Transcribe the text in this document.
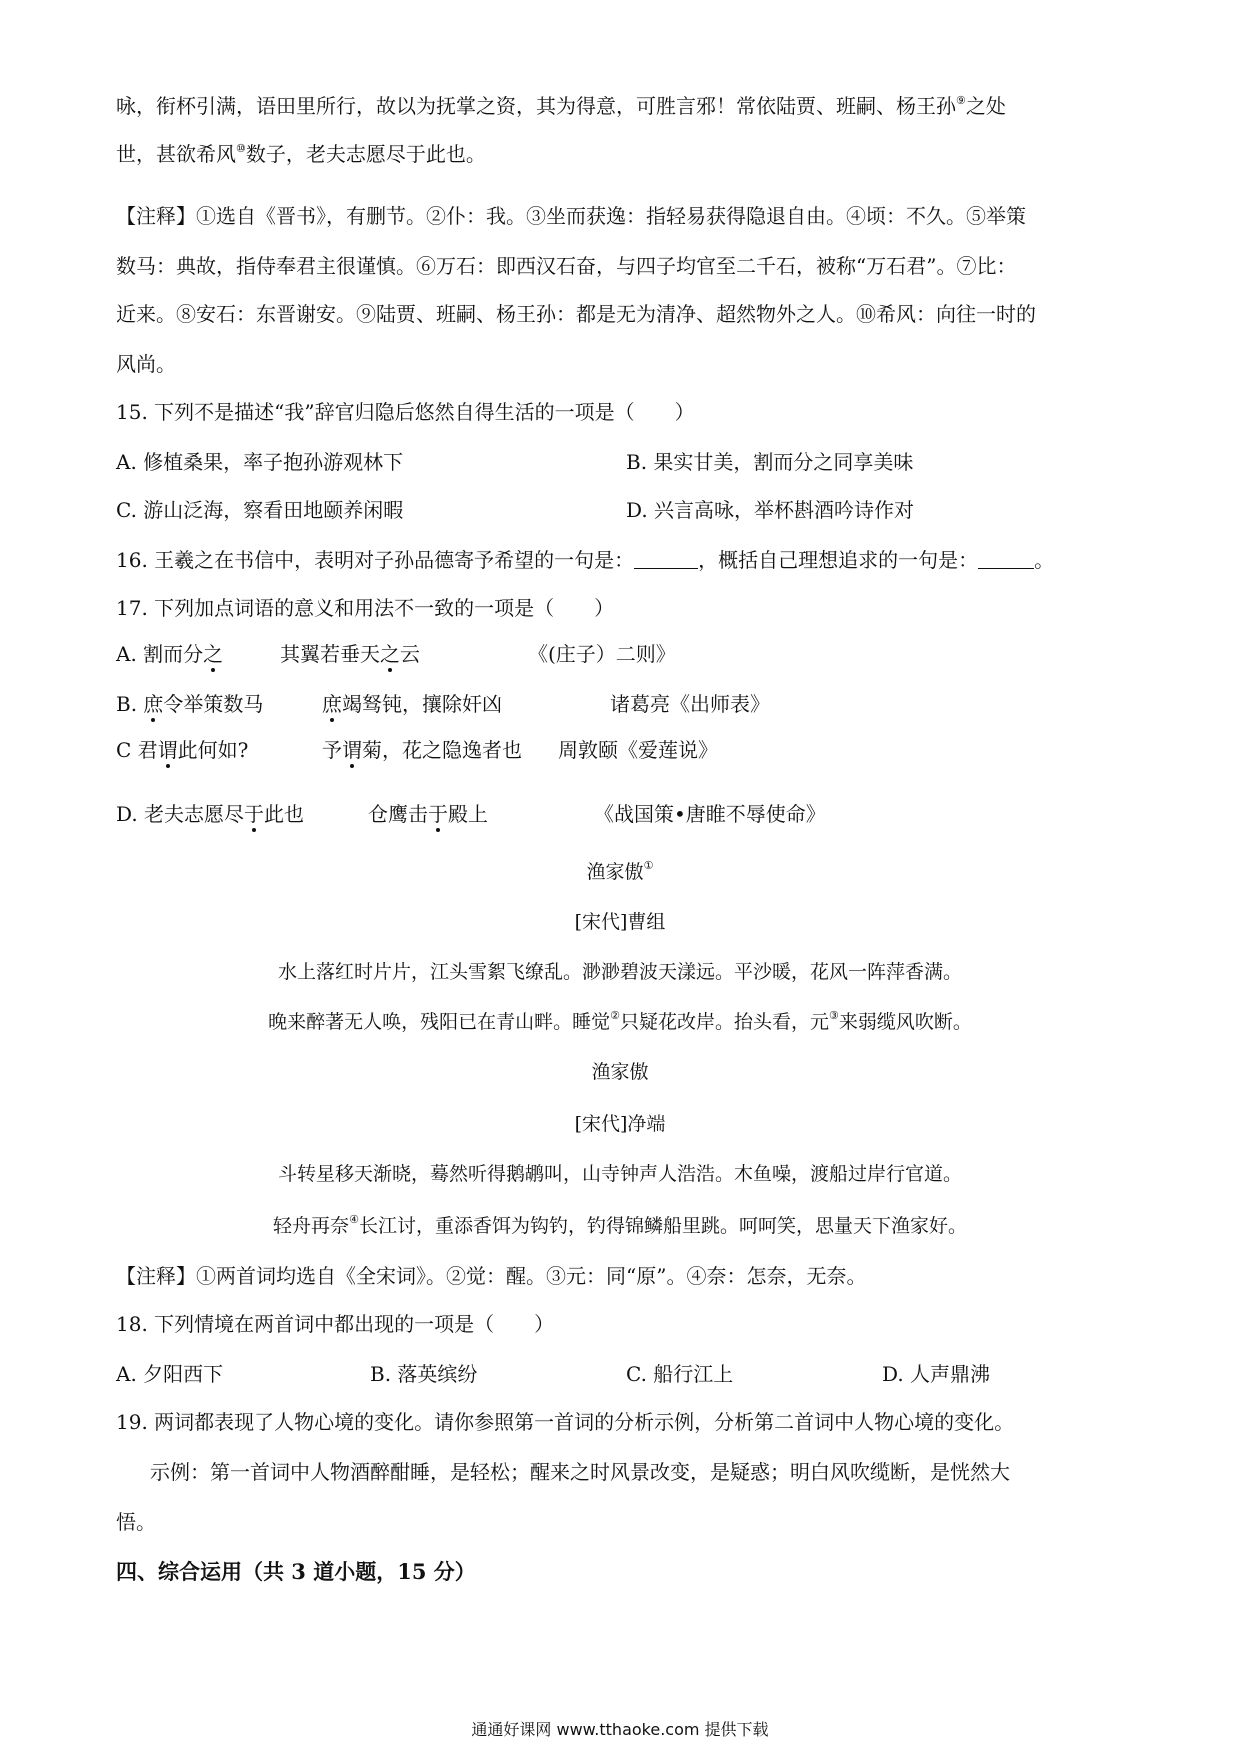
咏，衔杯引满，语田里所行，故以为抚掌之资，其为得意，可胜言邪！常依陆贾、班嗣、杨王孙⑨之处
世，甚欲希风⑩数子，老夫志愿尽于此也。
【注释】①选自《晋书》，有删节。②仆：我。③坐而获逸：指轻易获得隐退自由。④顷：不久。⑤举策
数马：典故，指侍奉君主很谨慎。⑥万石：即西汉石奋，与四子均官至二千石，被称“万石君”。⑦比：
近来。⑧安石：东晋谢安。⑨陆贾、班嗣、杨王孙：都是无为清净、超然物外之人。⑩希风：向往一时的
风尚。
15. 下列不是描述“我”辞官归隐后悠然自得生活的一项是（　　）
A. 修植桑果，率子抱孙游观林下	B. 果实甘美，割而分之同享美味
C. 游山泛海，察看田地颐养闲暇	D. 兴言高咏，举杯斟酒吟诗作对
16. 王羲之在书信中，表明对子孙品德寄予希望的一句是：	，概括自己理想追求的一句是：	。
17. 下列加点词语的意义和用法不一致的一项是（　　）
A. 割而分之	其翼若垂天之云	《(庄子）二则》
B. 庶令举策数马	庶竭驽钝，攘除奸凶	诸葛亮《出师表》
C 君谓此何如?	予谓菊，花之隐逸者也 周敦颐《爱莲说》
D. 老夫志愿尽于此也	仓鹰击于殿上	《战国策•唐睢不辱使命》
渔家傲①
[宋代]曹组
水上落红时片片，江头雪絮飞缭乱。渺渺碧波天漾远。平沙暖，花风一阵萍香满。
晚来醉著无人唤，残阳已在青山畔。睡觉②只疑花改岸。抬头看，元③来弱缆风吹断。
渔家傲
[宋代]净端
斗转星移天渐晓，蓦然听得鹅鹕叫，山寺钟声人浩浩。木鱼噪，渡船过岸行官道。
轻舟再奈④长江讨，重添香饵为钩钓，钓得锦鳞船里跳。呵呵笑，思量天下渔家好。
【注释】①两首词均选自《全宋词》。②觉：醒。③元：同“原”。④奈：怎奈，无奈。
18. 下列情境在两首词中都出现的一项是（　　）
A. 夕阳西下	B. 落英缤纷	C. 船行江上	D. 人声鼎沸
19. 两词都表现了人物心境的变化。请你参照第一首词的分析示例，分析第二首词中人物心境的变化。
示例：第一首词中人物酒醉酣睡，是轻松；醒来之时风景改变，是疑惑；明白风吹缆断，是恍然大
悟。
四、综合运用（共 3 道小题，15 分）
通通好课网 www.tthaoke.com 提供下载
